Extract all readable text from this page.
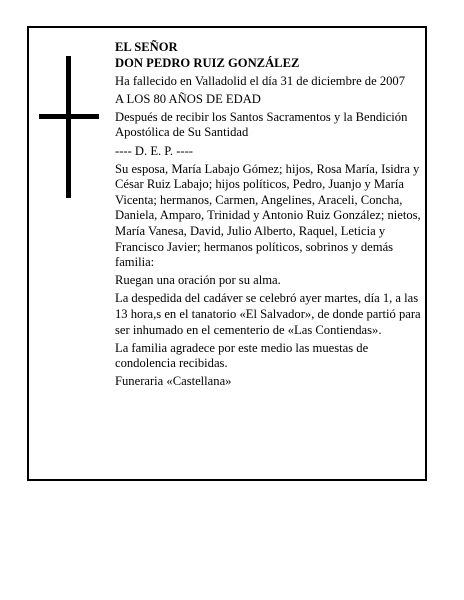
EL SEÑOR

DON PEDRO RUIZ GONZÁLEZ

Ha fallecido en Valladolid el día 31 de diciembre de 2007

A LOS 80 AÑOS DE EDAD

Después de recibir los Santos Sacramentos y la Bendición Apostólica de Su Santidad

---- D. E. P. ----

Su esposa, María Labajo Gómez; hijos, Rosa María, Isidra y César Ruiz Labajo; hijos políticos, Pedro, Juanjo y María Vicenta; hermanos, Carmen, Angelines, Araceli, Concha, Daniela, Amparo, Trinidad y Antonio Ruiz González; nietos, María Vanesa, David, Julio Alberto, Raquel, Leticia y Francisco Javier; hermanos políticos, sobrinos y demás familia:

Ruegan una oración por su alma.

La despedida del cadáver se celebró ayer martes, día 1, a las 13 hora,s en el tanatorio «El Salvador», de donde partió para ser inhumado en el cementerio de «Las Contiendas».

La familia agradece por este medio las muestas de condolencia recibidas.

Funeraria «Castellana»
